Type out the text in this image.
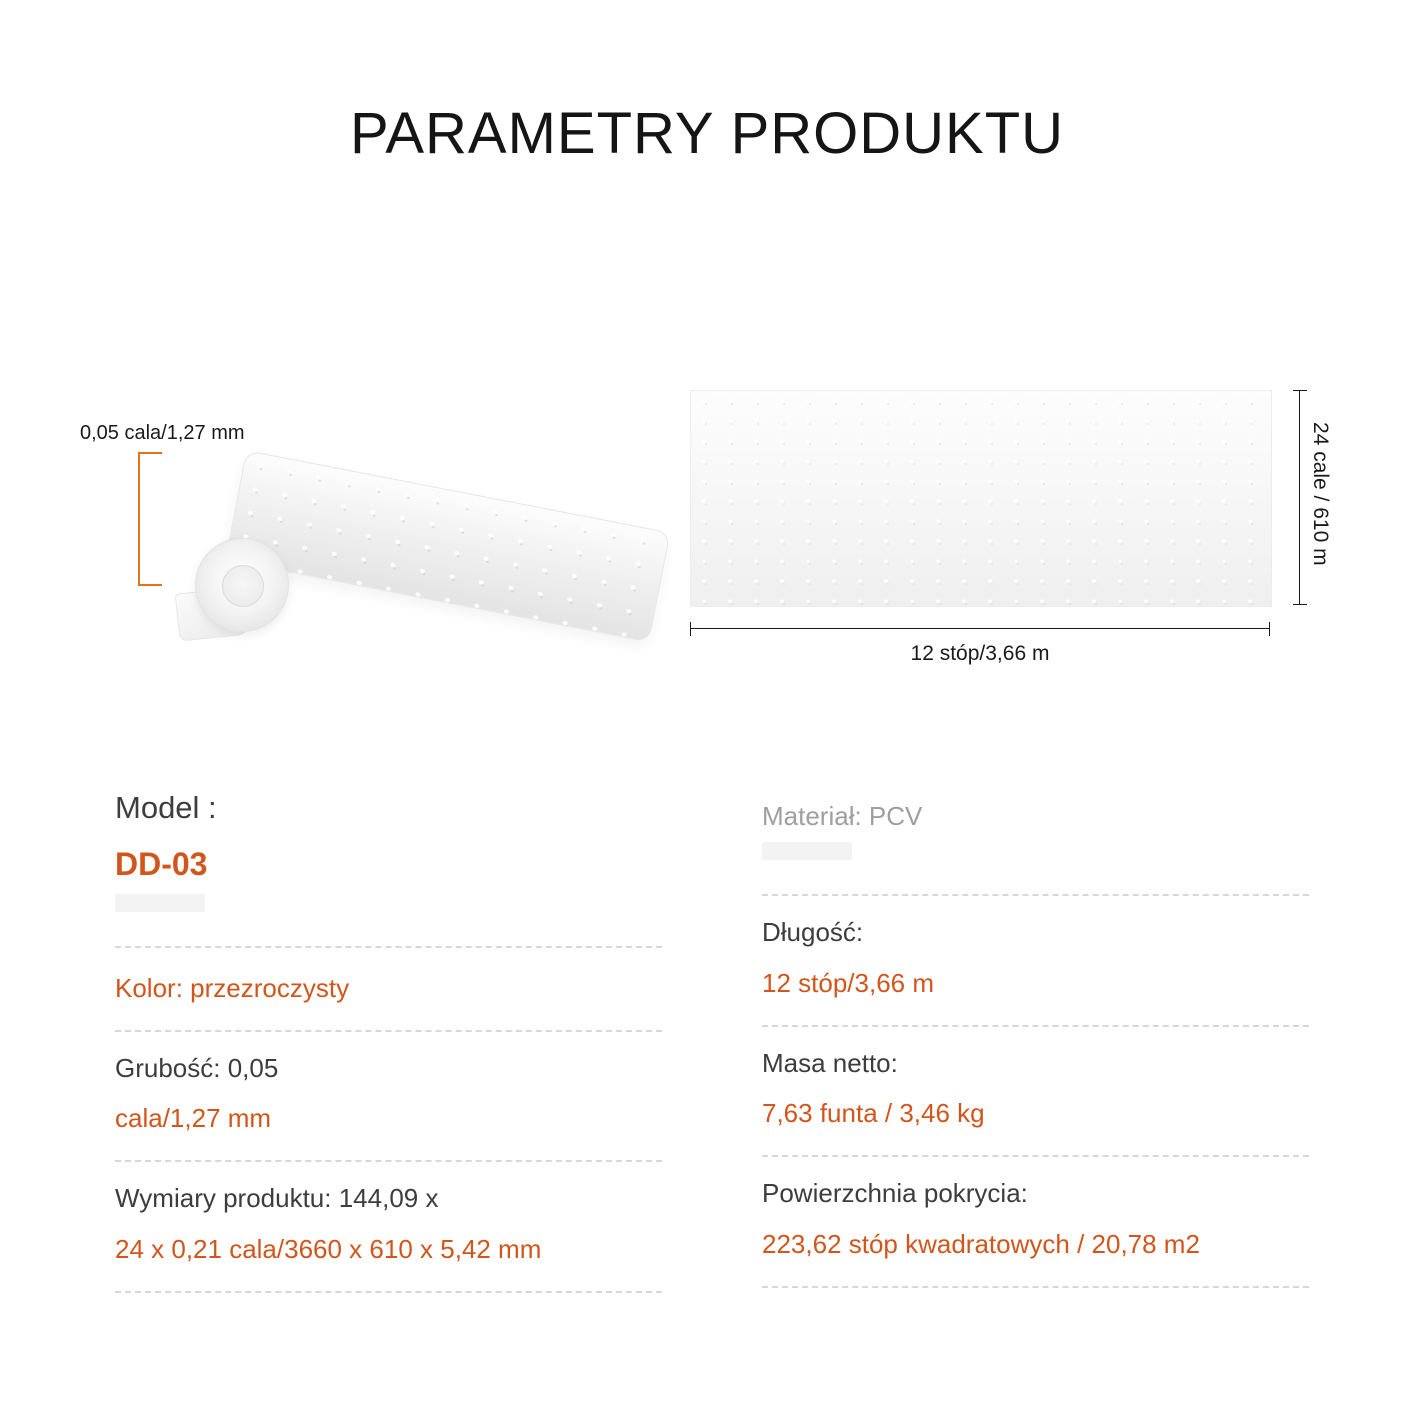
PARAMETRY PRODUKTU
0,05 cala/1,27 mm
12 stóp/3,66 m
24 cale / 610 m
Model :
DD-03
Kolor: przezroczysty
Grubość: 0,05
cala/1,27 mm
Wymiary produktu: 144,09 x
24 x 0,21 cala/3660 x 610 x 5,42 mm
Materiał: PCV
Długość:
12 stóp/3,66 m
Masa netto:
7,63 funta / 3,46 kg
Powierzchnia pokrycia:
223,62 stóp kwadratowych / 20,78 m2
